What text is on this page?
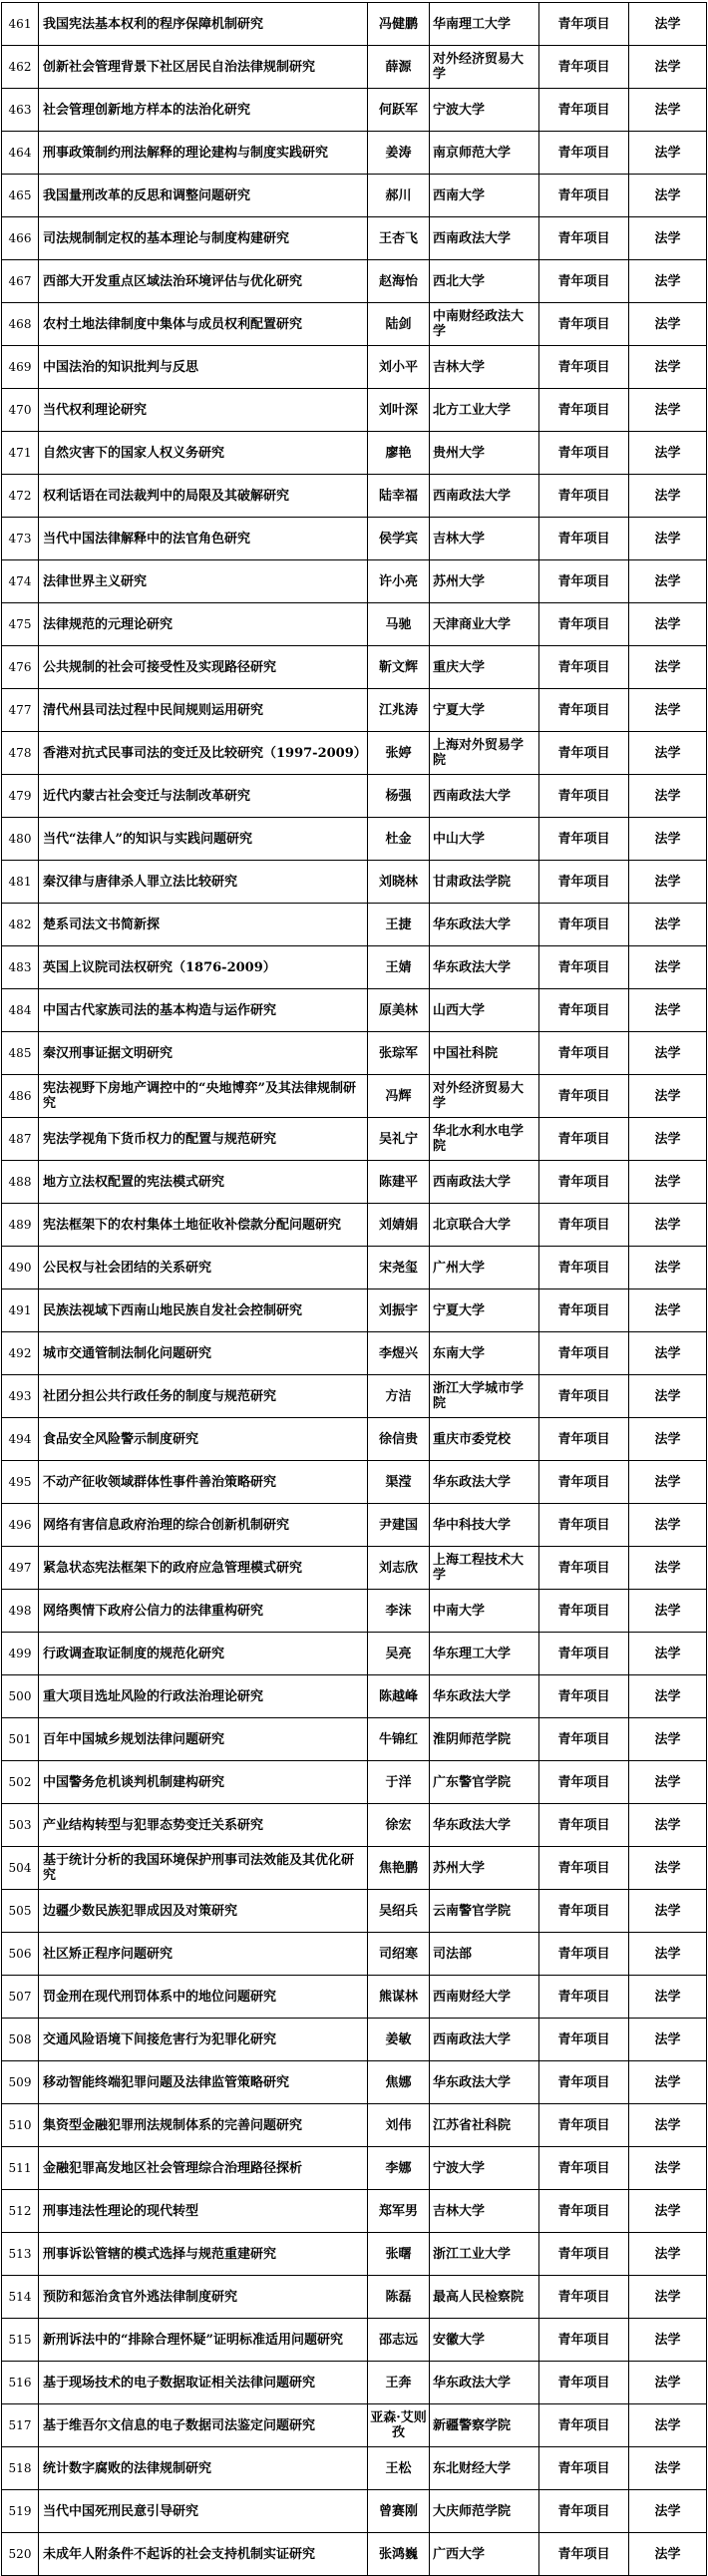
461	我国宪法基本权利的程序保障机制研究	冯健鹏	华南理工大学	青年项目	法学
462	创新社会管理背景下社区居民自治法律规制研究	薛源	对外经济贸易大学	青年项目	法学
463	社会管理创新地方样本的法治化研究	何跃军	宁波大学	青年项目	法学
464	刑事政策制约刑法解释的理论建构与制度实践研究	姜涛	南京师范大学	青年项目	法学
465	我国量刑改革的反思和调整问题研究	郝川	西南大学	青年项目	法学
466	司法规制制定权的基本理论与制度构建研究	王杏飞	西南政法大学	青年项目	法学
467	西部大开发重点区域法治环境评估与优化研究	赵海怡	西北大学	青年项目	法学
468	农村土地法律制度中集体与成员权利配置研究	陆剑	中南财经政法大学	青年项目	法学
469	中国法治的知识批判与反思	刘小平	吉林大学	青年项目	法学
470	当代权利理论研究	刘叶深	北方工业大学	青年项目	法学
471	自然灾害下的国家人权义务研究	廖艳	贵州大学	青年项目	法学
472	权利话语在司法裁判中的局限及其破解研究	陆幸福	西南政法大学	青年项目	法学
473	当代中国法律解释中的法官角色研究	侯学宾	吉林大学	青年项目	法学
474	法律世界主义研究	许小亮	苏州大学	青年项目	法学
475	法律规范的元理论研究	马驰	天津商业大学	青年项目	法学
476	公共规制的社会可接受性及实现路径研究	靳文辉	重庆大学	青年项目	法学
477	清代州县司法过程中民间规则运用研究	江兆涛	宁夏大学	青年项目	法学
478	香港对抗式民事司法的变迁及比较研究（1997-2009）	张婷	上海对外贸易学院	青年项目	法学
479	近代内蒙古社会变迁与法制改革研究	杨强	西南政法大学	青年项目	法学
480	当代“法律人”的知识与实践问题研究	杜金	中山大学	青年项目	法学
481	秦汉律与唐律杀人罪立法比较研究	刘晓林	甘肃政法学院	青年项目	法学
482	楚系司法文书简新探	王捷	华东政法大学	青年项目	法学
483	英国上议院司法权研究（1876-2009）	王婧	华东政法大学	青年项目	法学
484	中国古代家族司法的基本构造与运作研究	原美林	山西大学	青年项目	法学
485	秦汉刑事证据文明研究	张琮军	中国社科院	青年项目	法学
486	宪法视野下房地产调控中的“央地博弈”及其法律规制研究	冯辉	对外经济贸易大学	青年项目	法学
487	宪法学视角下货币权力的配置与规范研究	吴礼宁	华北水利水电学院	青年项目	法学
488	地方立法权配置的宪法模式研究	陈建平	西南政法大学	青年项目	法学
489	宪法框架下的农村集体土地征收补偿款分配问题研究	刘婧娟	北京联合大学	青年项目	法学
490	公民权与社会团结的关系研究	宋尧玺	广州大学	青年项目	法学
491	民族法视域下西南山地民族自发社会控制研究	刘振宇	宁夏大学	青年项目	法学
492	城市交通管制法制化问题研究	李煜兴	东南大学	青年项目	法学
493	社团分担公共行政任务的制度与规范研究	方洁	浙江大学城市学院	青年项目	法学
494	食品安全风险警示制度研究	徐信贵	重庆市委党校	青年项目	法学
495	不动产征收领域群体性事件善治策略研究	渠滢	华东政法大学	青年项目	法学
496	网络有害信息政府治理的综合创新机制研究	尹建国	华中科技大学	青年项目	法学
497	紧急状态宪法框架下的政府应急管理模式研究	刘志欣	上海工程技术大学	青年项目	法学
498	网络舆情下政府公信力的法律重构研究	李沫	中南大学	青年项目	法学
499	行政调查取证制度的规范化研究	吴亮	华东理工大学	青年项目	法学
500	重大项目选址风险的行政法治理论研究	陈越峰	华东政法大学	青年项目	法学
501	百年中国城乡规划法律问题研究	牛锦红	淮阴师范学院	青年项目	法学
502	中国警务危机谈判机制建构研究	于洋	广东警官学院	青年项目	法学
503	产业结构转型与犯罪态势变迁关系研究	徐宏	华东政法大学	青年项目	法学
504	基于统计分析的我国环境保护刑事司法效能及其优化研究	焦艳鹏	苏州大学	青年项目	法学
505	边疆少数民族犯罪成因及对策研究	吴绍兵	云南警官学院	青年项目	法学
506	社区矫正程序问题研究	司绍寒	司法部	青年项目	法学
507	罚金刑在现代刑罚体系中的地位问题研究	熊谋林	西南财经大学	青年项目	法学
508	交通风险语境下间接危害行为犯罪化研究	姜敏	西南政法大学	青年项目	法学
509	移动智能终端犯罪问题及法律监管策略研究	焦娜	华东政法大学	青年项目	法学
510	集资型金融犯罪刑法规制体系的完善问题研究	刘伟	江苏省社科院	青年项目	法学
511	金融犯罪高发地区社会管理综合治理路径探析	李娜	宁波大学	青年项目	法学
512	刑事违法性理论的现代转型	郑军男	吉林大学	青年项目	法学
513	刑事诉讼管辖的模式选择与规范重建研究	张曙	浙江工业大学	青年项目	法学
514	预防和惩治贪官外逃法律制度研究	陈磊	最高人民检察院	青年项目	法学
515	新刑诉法中的“排除合理怀疑”证明标准适用问题研究	邵志远	安徽大学	青年项目	法学
516	基于现场技术的电子数据取证相关法律问题研究	王奔	华东政法大学	青年项目	法学
517	基于维吾尔文信息的电子数据司法鉴定问题研究	亚森·艾则孜	新疆警察学院	青年项目	法学
518	统计数字腐败的法律规制研究	王松	东北财经大学	青年项目	法学
519	当代中国死刑民意引导研究	曾赛刚	大庆师范学院	青年项目	法学
520	未成年人附条件不起诉的社会支持机制实证研究	张鸿巍	广西大学	青年项目	法学
